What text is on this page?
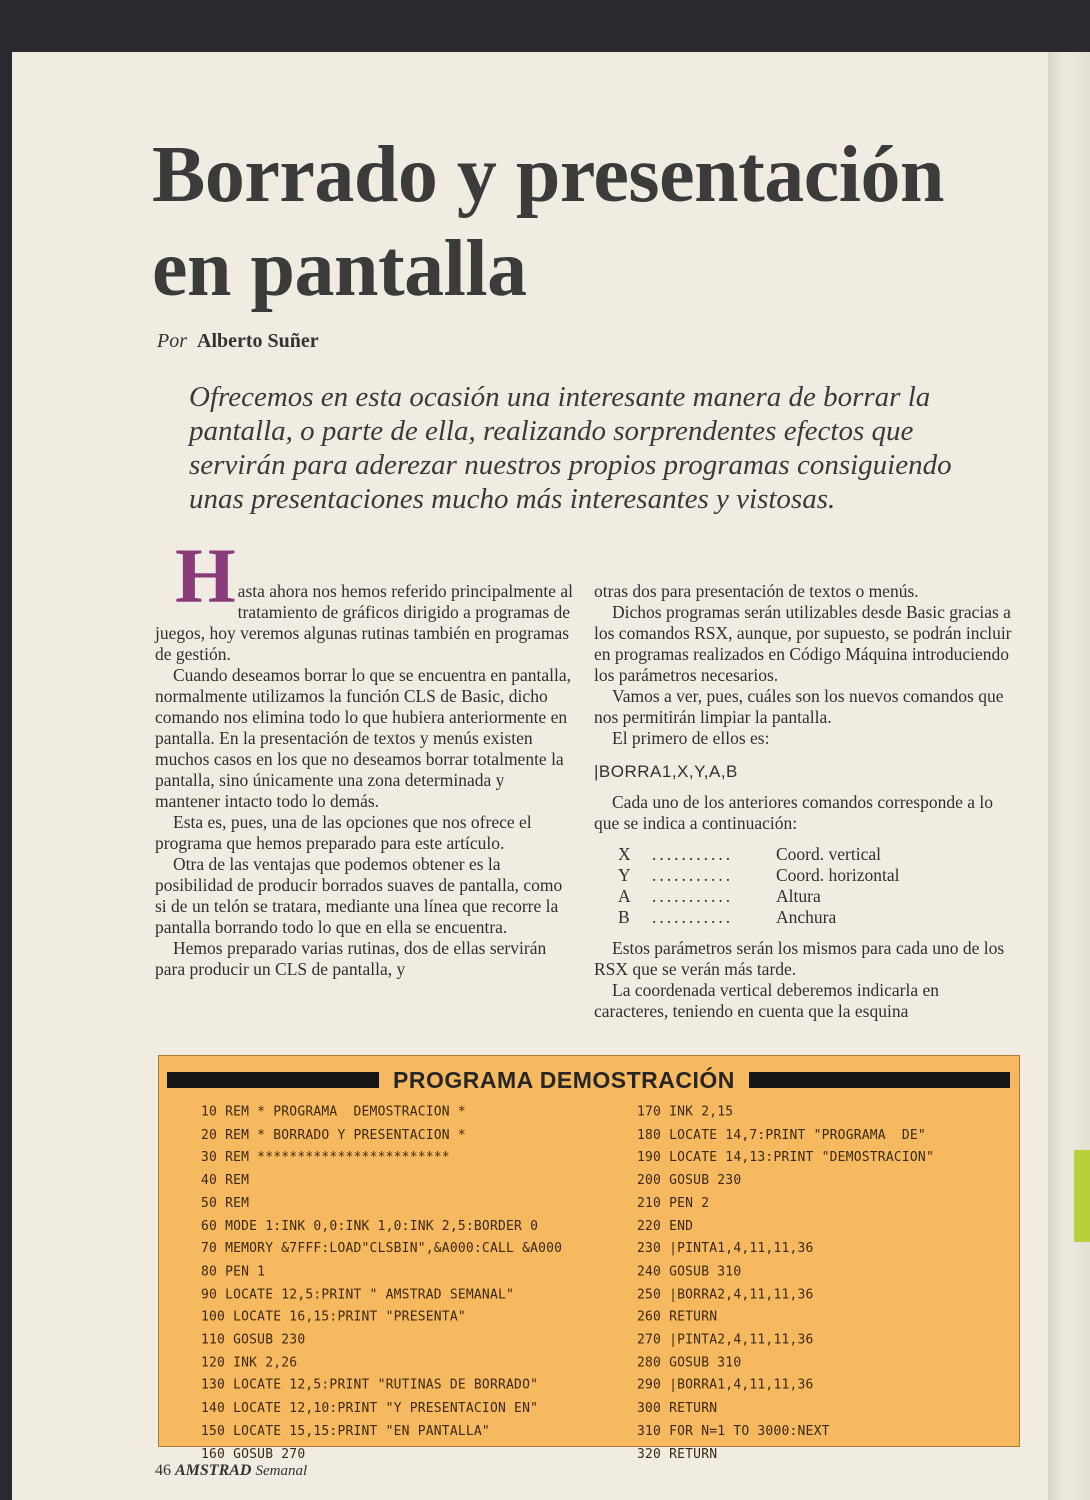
Borrado y presentación
en pantalla
Por Alberto Suñer

Ofrecemos en esta ocasión una interesante manera de borrar la pantalla, o parte de ella, realizando sorprendentes efectos que servirán para aderezar nuestros propios programas consiguiendo unas presentaciones mucho más interesantes y vistosas.

Hasta ahora nos hemos referido principalmente al tratamiento de gráficos dirigido a programas de juegos, hoy veremos algunas rutinas también en programas de gestión.

Cuando deseamos borrar lo que se encuentra en pantalla, normalmente utilizamos la función CLS de Basic, dicho comando nos elimina todo lo que hubiera anteriormente en pantalla. En la presentación de textos y menús existen muchos casos en los que no deseamos borrar totalmente la pantalla, sino únicamente una zona determinada y mantener intacto todo lo demás.

Esta es, pues, una de las opciones que nos ofrece el programa que hemos preparado para este artículo.

Otra de las ventajas que podemos obtener es la posibilidad de producir borrados suaves de pantalla, como si de un telón se tratara, mediante una línea que recorre la pantalla borrando todo lo que en ella se encuentra.

Hemos preparado varias rutinas, dos de ellas servirán para producir un CLS de pantalla, y

otras dos para presentación de textos o menús.

Dichos programas serán utilizables desde Basic gracias a los comandos RSX, aunque, por supuesto, se podrán incluir en programas realizados en Código Máquina introduciendo los parámetros necesarios.

Vamos a ver, pues, cuáles son los nuevos comandos que nos permitirán limpiar la pantalla.

El primero de ellos es:

|BORRA1,X,Y,A,B

Cada uno de los anteriores comandos corresponde a lo que se indica a continuación:

X	...........	Coord. vertical
Y	...........	Coord. horizontal
A	...........	Altura
B	...........	Anchura

Estos parámetros serán los mismos para cada uno de los RSX que se verán más tarde.

La coordenada vertical deberemos indicarla en caracteres, teniendo en cuenta que la esquina

PROGRAMA DEMOSTRACIÓN
10 REM * PROGRAMA  DEMOSTRACION *
20 REM * BORRADO Y PRESENTACION *
30 REM ************************
40 REM
50 REM
60 MODE 1:INK 0,0:INK 1,0:INK 2,5:BORDER 0
70 MEMORY &7FFF:LOAD"CLSBIN",&A000:CALL &A000
80 PEN 1
90 LOCATE 12,5:PRINT " AMSTRAD SEMANAL"
100 LOCATE 16,15:PRINT "PRESENTA"
110 GOSUB 230
120 INK 2,26
130 LOCATE 12,5:PRINT "RUTINAS DE BORRADO"
140 LOCATE 12,10:PRINT "Y PRESENTACION EN"
150 LOCATE 15,15:PRINT "EN PANTALLA"
160 GOSUB 270
170 INK 2,15
180 LOCATE 14,7:PRINT "PROGRAMA  DE"
190 LOCATE 14,13:PRINT "DEMOSTRACION"
200 GOSUB 230
210 PEN 2
220 END
230 |PINTA1,4,11,11,36
240 GOSUB 310
250 |BORRA2,4,11,11,36
260 RETURN
270 |PINTA2,4,11,11,36
280 GOSUB 310
290 |BORRA1,4,11,11,36
300 RETURN
310 FOR N=1 TO 3000:NEXT
320 RETURN
46 AMSTRAD Semanal
